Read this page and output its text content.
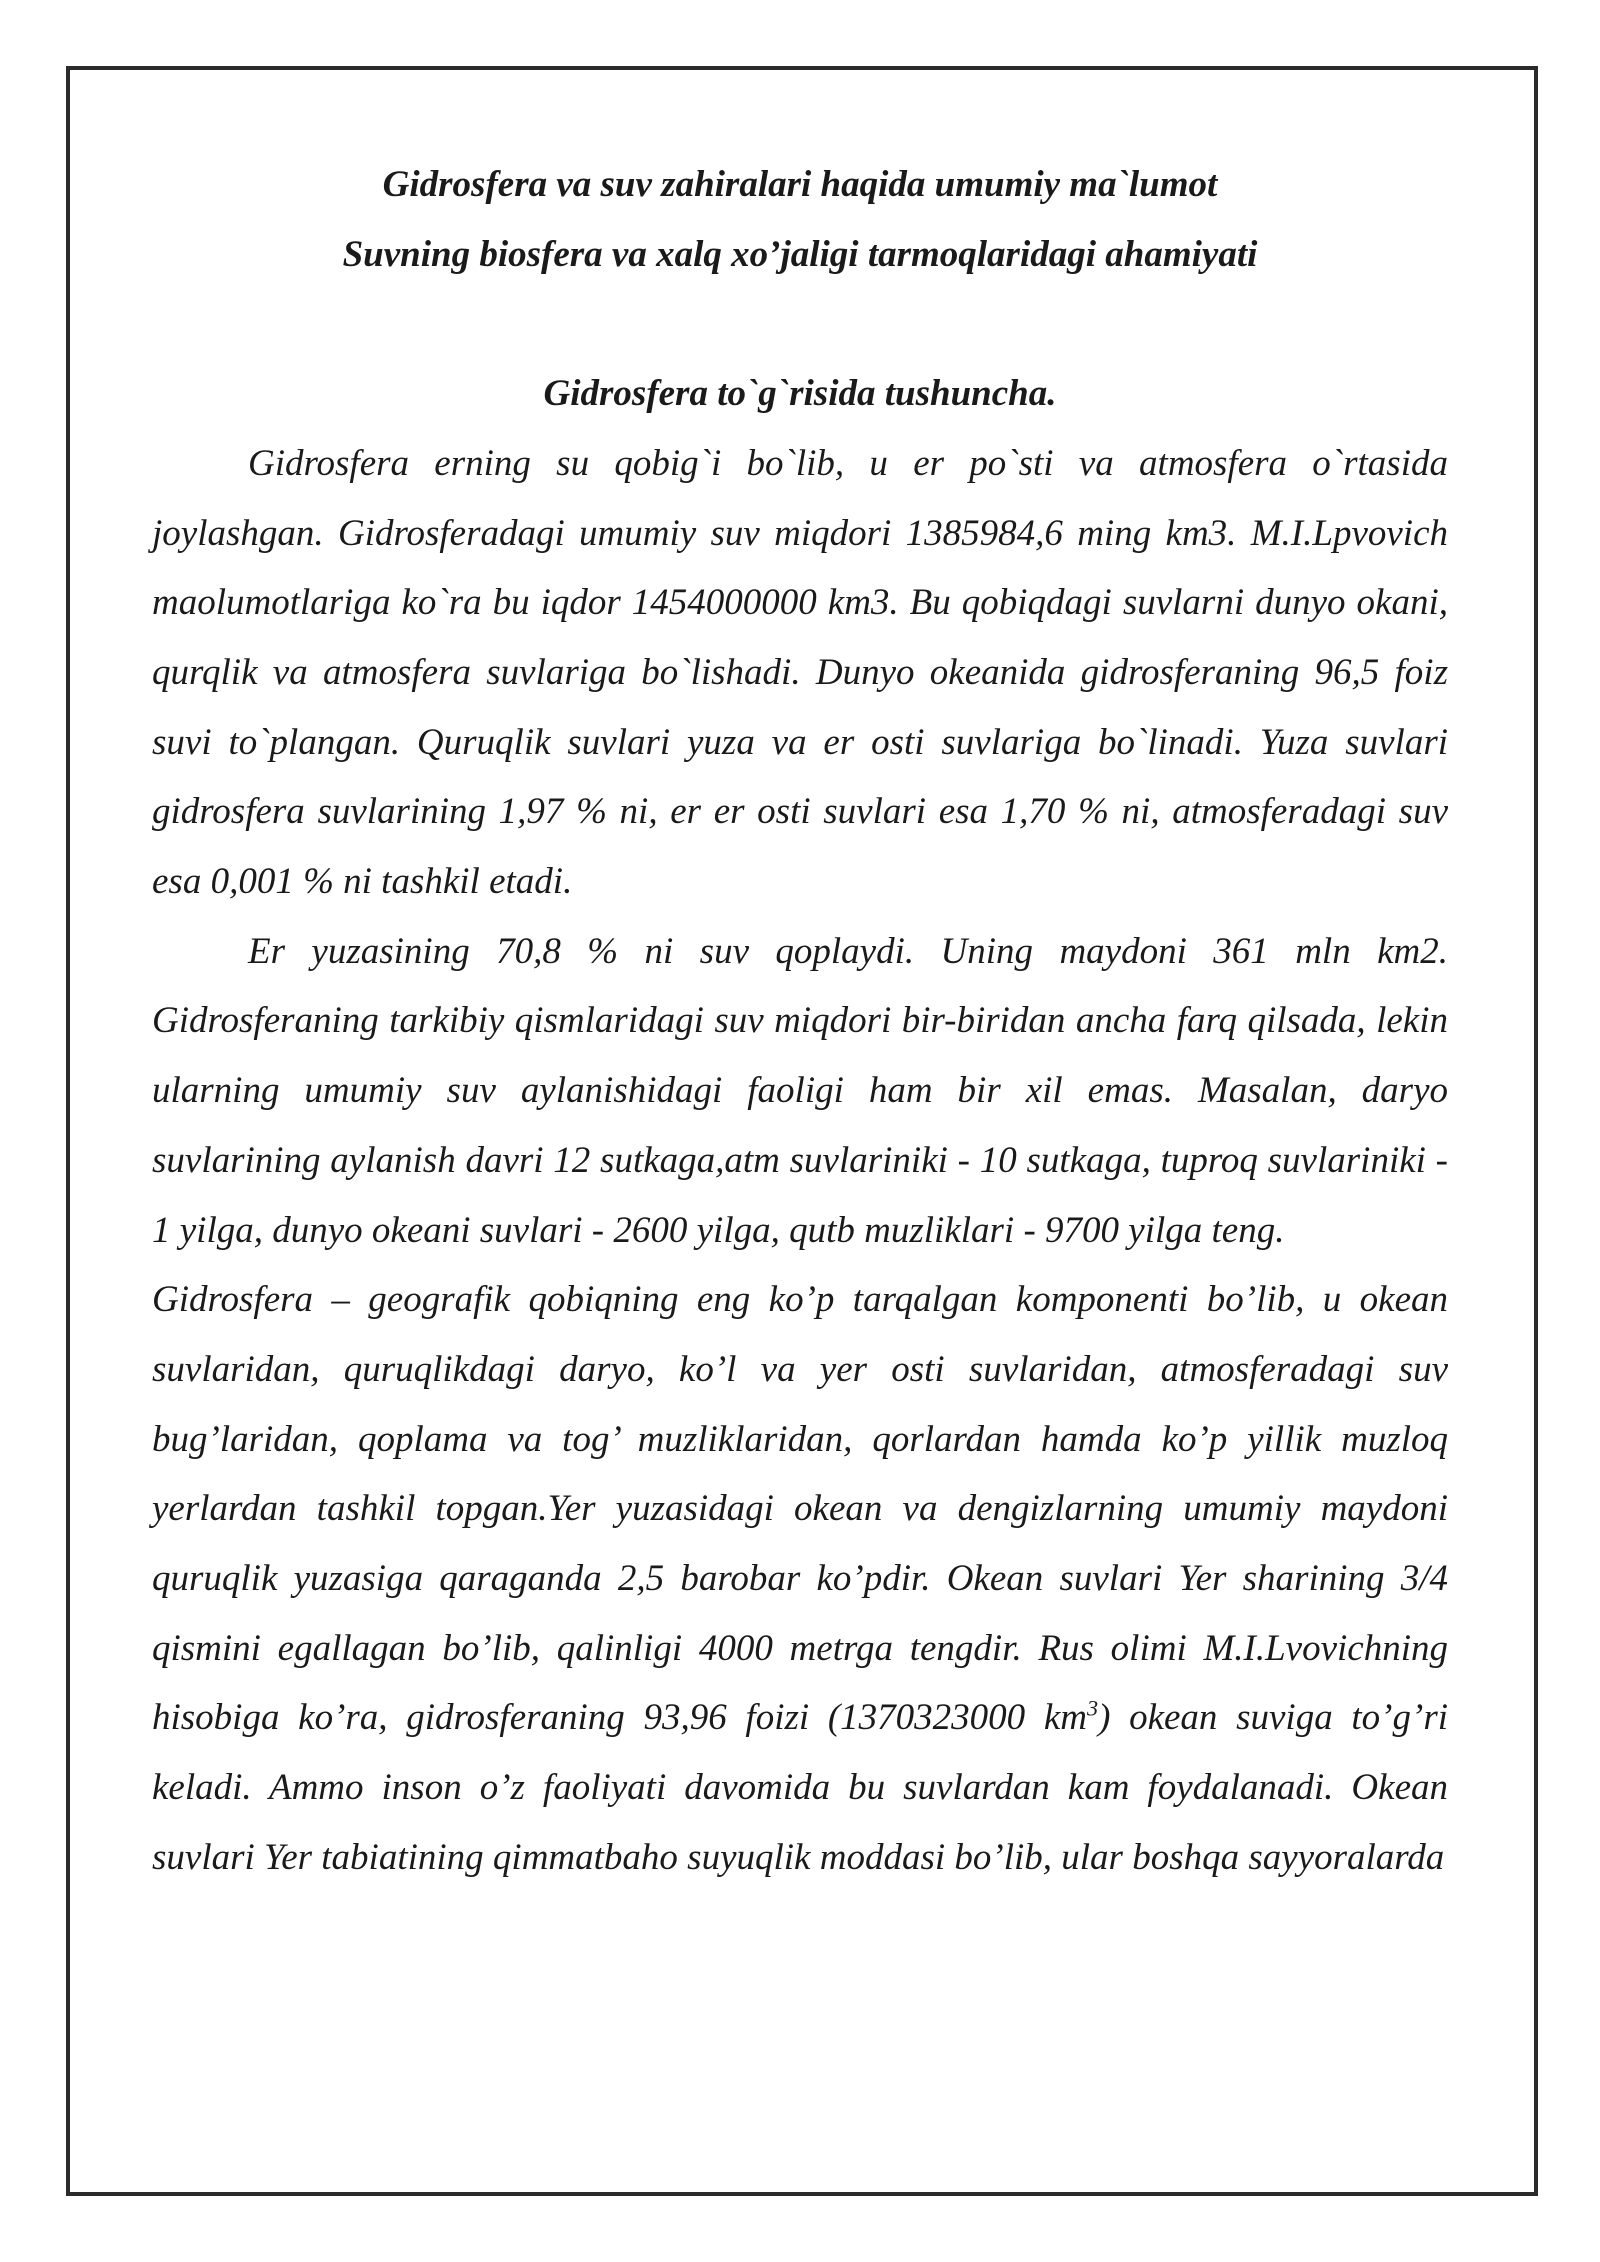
Gidrosfera va suv zahiralari haqida umumiy ma`lumot

Suvning biosfera va xalq xo’jaligi tarmoqlaridagi ahamiyati

Gidrosfera to`g`risida tushuncha.

Gidrosfera erning su qobig`i bo`lib, u er po`sti va atmosfera o`rtasida joylashgan. Gidrosferadagi umumiy suv miqdori 1385984,6 ming km3. M.I.Lpvovich maolumotlariga ko`ra bu iqdor 1454000000 km3. Bu qobiqdagi suvlarni dunyo okani, qurqlik va atmosfera suvlariga bo`lishadi. Dunyo okeanida gidrosferaning 96,5 foiz suvi to`plangan. Quruqlik suvlari yuza va er osti suvlariga bo`linadi. Yuza suvlari gidrosfera suvlarining 1,97 % ni, er er osti suvlari esa 1,70 % ni, atmosferadagi suv esa 0,001 % ni tashkil etadi.

Er yuzasining 70,8 % ni suv qoplaydi. Uning maydoni 361 mln km2. Gidrosferaning tarkibiy qismlaridagi suv miqdori bir-biridan ancha farq qilsada, lekin ularning umumiy suv aylanishidagi faoligi ham bir xil emas. Masalan, daryo suvlarining aylanish davri 12 sutkaga,atm suvlariniki - 10 sutkaga, tuproq suvlariniki - 1 yilga, dunyo okeani suvlari - 2600 yilga, qutb muzliklari - 9700 yilga teng.

Gidrosfera – geografik qobiqning eng ko’p tarqalgan komponenti bo’lib, u okean suvlaridan, quruqlikdagi daryo, ko’l va yer osti suvlaridan, atmosferadagi suv bug’laridan, qoplama va tog’ muzliklaridan, qorlardan hamda ko’p yillik muzloq yerlardan tashkil topgan.Yer yuzasidagi okean va dengizlarning umumiy maydoni quruqlik yuzasiga qaraganda 2,5 barobar ko’pdir. Okean suvlari Yer sharining 3/4 qismini egallagan bo’lib, qalinligi 4000 metrga tengdir. Rus olimi M.I.Lvovichning hisobiga ko’ra, gidrosferaning 93,96 foizi (1370323000 $km^3$) okean suviga to’g’ri keladi. Ammo inson o’z faoliyati davomida bu suvlardan kam foydalanadi. Okean suvlari Yer tabiatining qimmatbaho suyuqlik moddasi bo’lib, ular boshqa sayyoralarda
